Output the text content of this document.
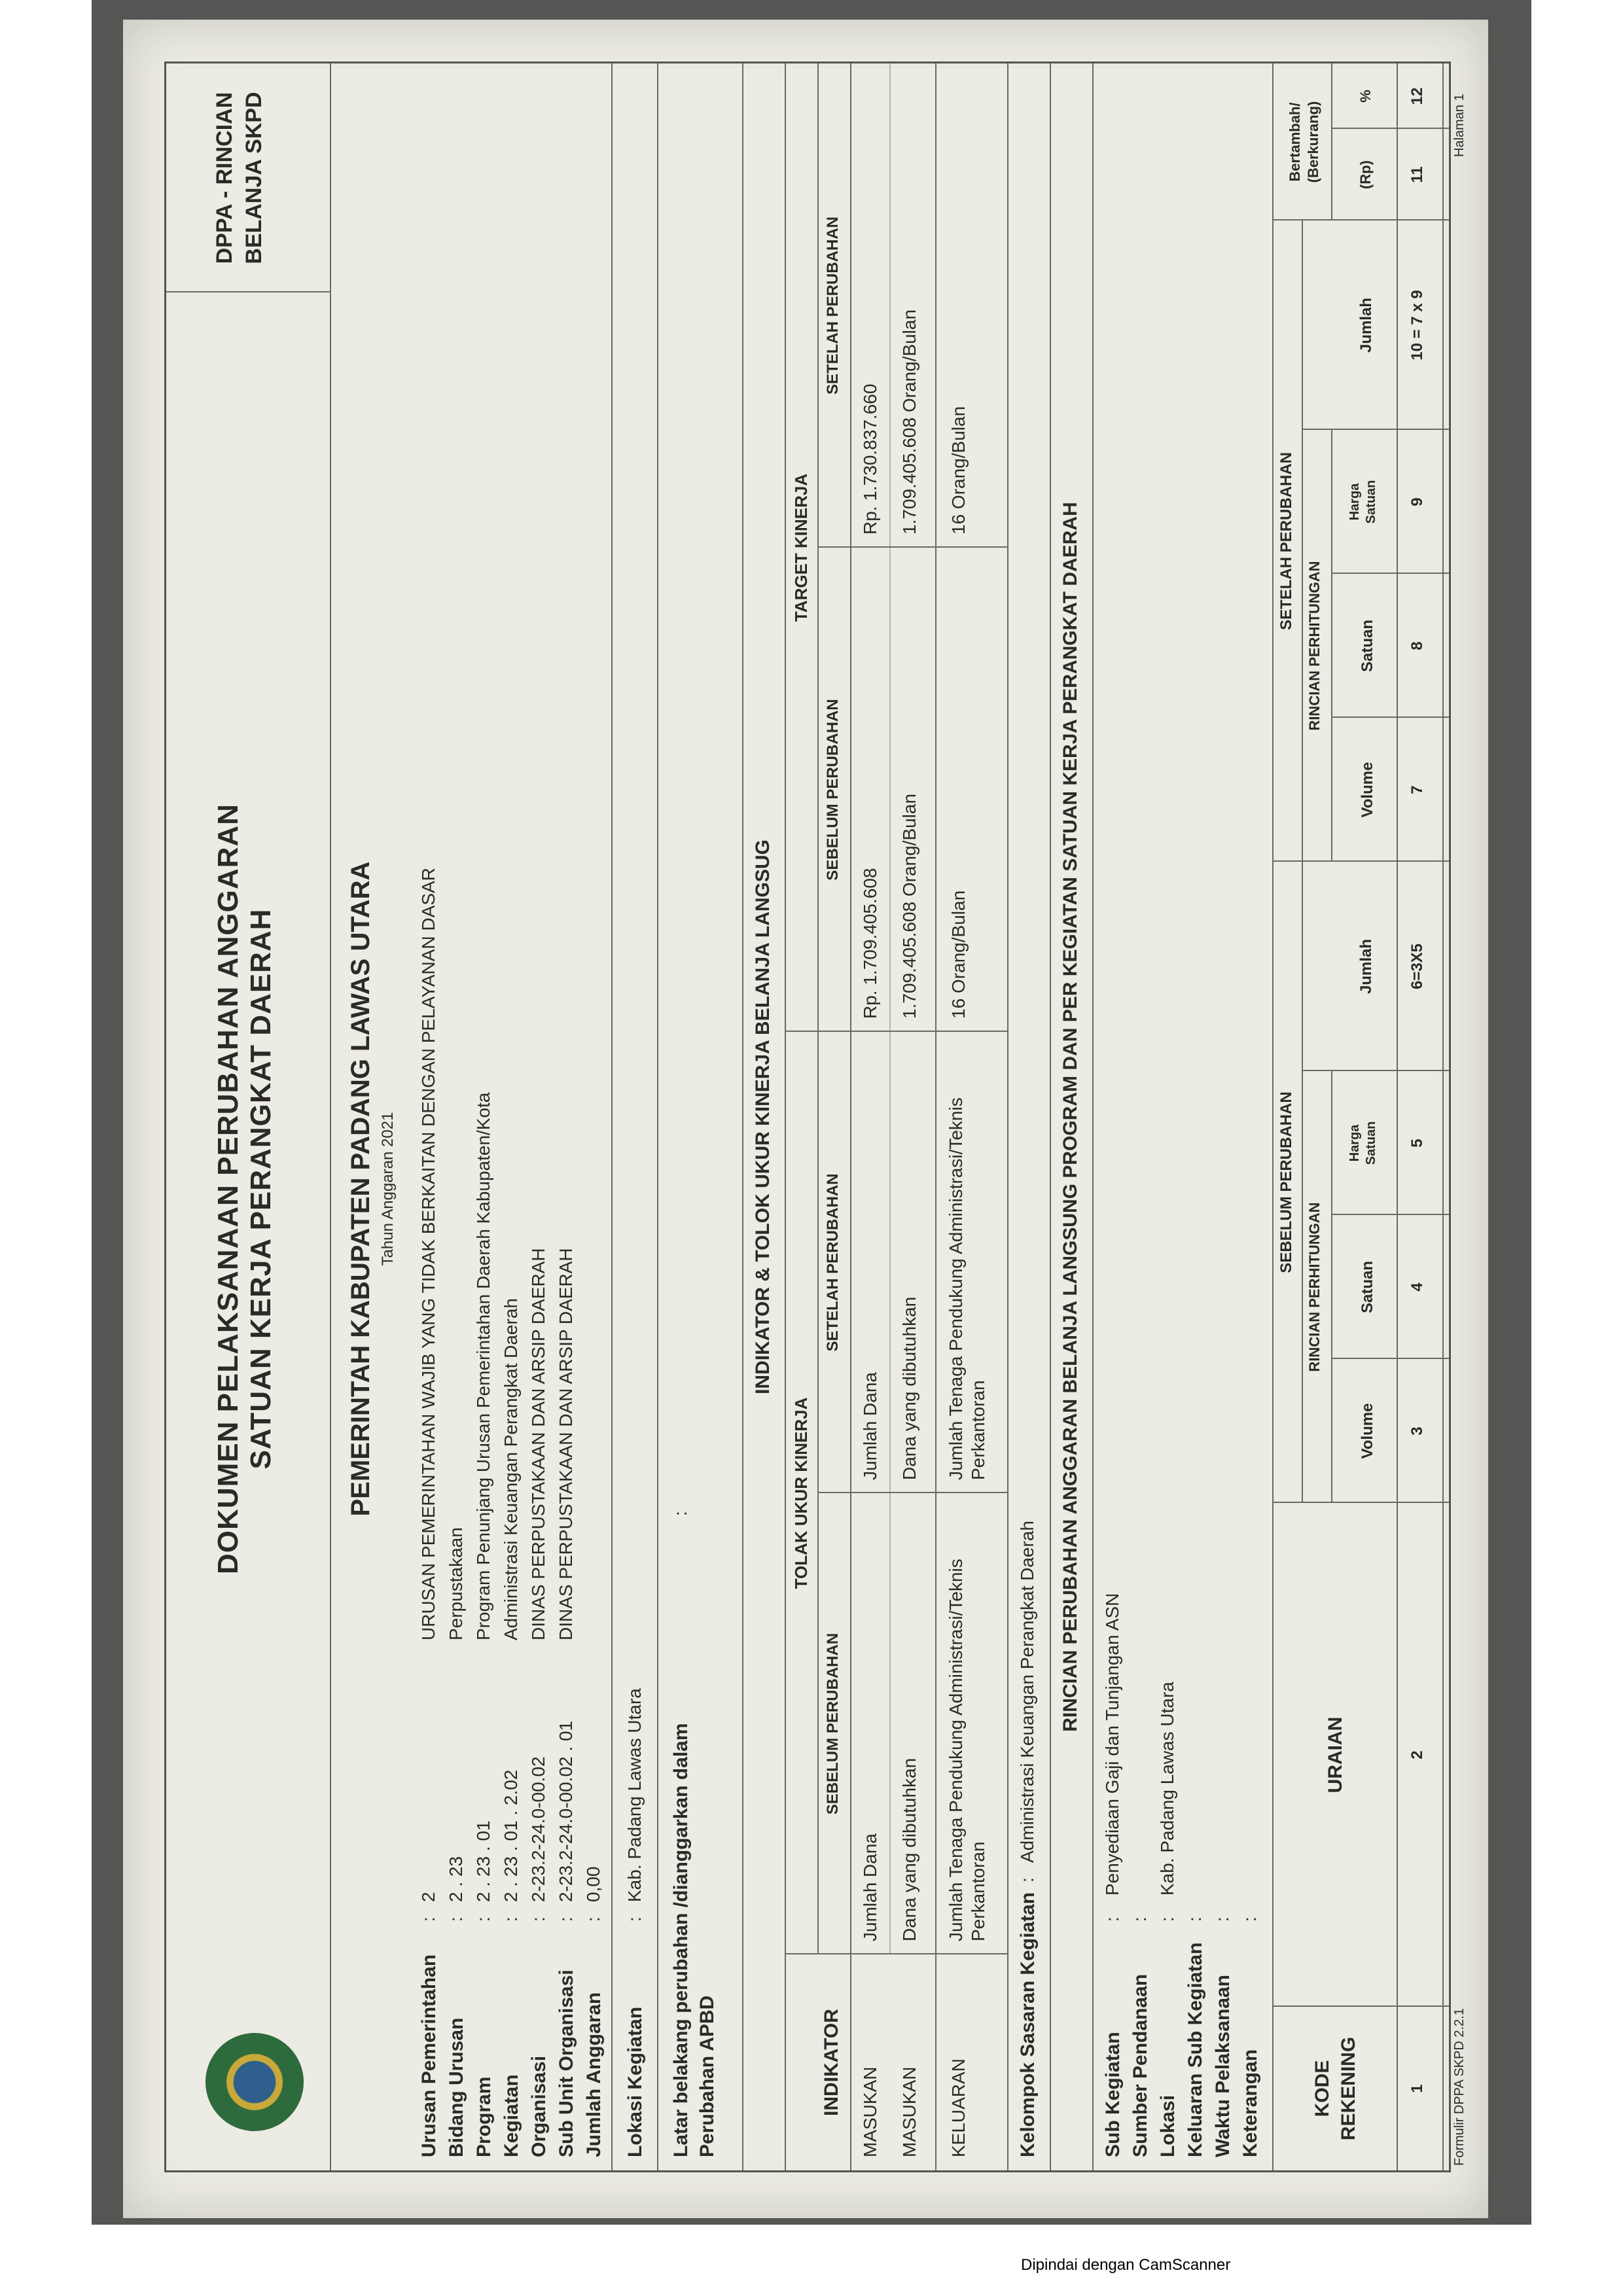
DOKUMEN PELAKSANAAN PERUBAHAN ANGGARAN SATUAN KERJA PERANGKAT DAERAH
DPPA - RINCIAN BELANJA SKPD
PEMERINTAH KABUPATEN PADANG LAWAS UTARA Tahun Anggaran 2021
Urusan Pemerintahan
:
2
URUSAN PEMERINTAHAN WAJIB YANG TIDAK BERKAITAN DENGAN PELAYANAN DASAR
Bidang Urusan
:
2 . 23
Perpustakaan
Program
:
2 . 23 . 01
Program Penunjang Urusan Pemerintahan Daerah Kabupaten/Kota
Kegiatan
:
2 . 23 . 01 . 2.02
Administrasi Keuangan Perangkat Daerah
Organisasi
:
2-23.2-24.0-00.02
DINAS PERPUSTAKAAN DAN ARSIP DAERAH
Sub Unit Organisasi
:
2-23.2-24.0-00.02 . 01
DINAS PERPUSTAKAAN DAN ARSIP DAERAH
Jumlah Anggaran
:
0,00
Lokasi Kegiatan
:
Kab. Padang Lawas Utara Latar belakang perubahan /dianggarkan dalam Perubahan APBD
:
INDIKATOR & TOLOK UKUR KINERJA BELANJA LANGSUG
INDIKATOR
TOLAK UKUR KINERJA
TARGET KINERJA
SEBELUM PERUBAHAN
SETELAH PERUBAHAN
SEBELUM PERUBAHAN
SETELAH PERUBAHAN
MASUKAN
Jumlah Dana
Jumlah Dana
Rp. 1.709.405.608
Rp. 1.730.837.660
MASUKAN
Dana yang dibutuhkan
Dana yang dibutuhkan
1.709.405.608 Orang/Bulan
1.709.405.608 Orang/Bulan
KELUARAN
Jumlah Tenaga Pendukung Administrasi/Teknis Perkantoran
Jumlah Tenaga Pendukung Administrasi/Teknis Perkantoran
16 Orang/Bulan
16 Orang/Bulan
Kelompok Sasaran Kegiatan
:
Administrasi Keuangan Perangkat Daerah RINCIAN PERUBAHAN ANGGARAN BELANJA LANGSUNG PROGRAM DAN PER KEGIATAN SATUAN KERJA PERANGKAT DAERAH
Sub Kegiatan
:
Penyediaan Gaji dan Tunjangan ASN
Sumber Pendanaan
:
Lokasi
:
Kab. Padang Lawas Utara
Keluaran Sub Kegiatan
:
Waktu Pelaksanaan
:
Keterangan
:
KODE REKENING
URAIAN
SEBELUM PERUBAHAN
SETELAH PERUBAHAN
Bertambah/ (Berkurang)
RINCIAN PERHITUNGAN
Jumlah
RINCIAN PERHITUNGAN
Jumlah
(Rp)
%
Volume
Satuan
Harga Satuan
Volume
Satuan
Harga Satuan
1
2
3
4
5
6=3X5
7
8
9
10 = 7 x 9
11
12
Formulir DPPA SKPD 2.2.1
Halaman 1
Dipindai dengan CamScanner
